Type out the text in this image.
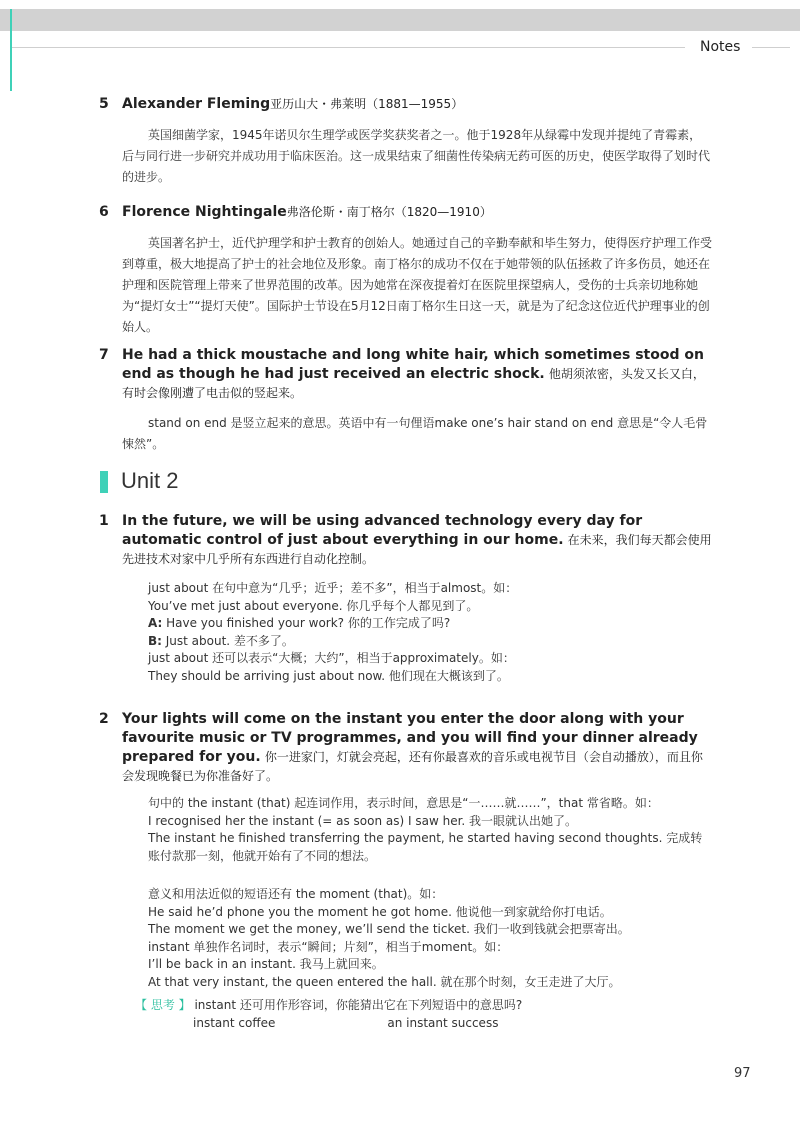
Notes
5 Alexander Fleming亚历山大・弗莱明（1881—1955）
英国细菌学家，1945年诺贝尔生理学或医学奖获奖者之一。他于1928年从绿霉中发现并提纯了青霉素，后与同行进一步研究并成功用于临床医治。这一成果结束了细菌性传染病无药可医的历史，使医学取得了划时代的进步。
6 Florence Nightingale弗洛伦斯・南丁格尔（1820—1910）
英国著名护士，近代护理学和护士教育的创始人。她通过自己的辛勤奉献和毕生努力，使得医疗护理工作受到尊重，极大地提高了护士的社会地位及形象。南丁格尔的成功不仅在于她带领的队伍拯救了许多伤员，她还在护理和医院管理上带来了世界范围的改革。因为她常在深夜提着灯在医院里探望病人，受伤的士兵亲切地称她为“提灯女士”“提灯天使”。国际护士节设在5月12日南丁格尔生日这一天，就是为了纪念这位近代护理事业的创始人。
7 He had a thick moustache and long white hair, which sometimes stood on end as though he had just received an electric shock. 他胡须浓密，头发又长又白，有时会像刚遭了电击似的竖起来。
stand on end 是竖立起来的意思。英语中有一句俚语make one’s hair stand on end 意思是“令人毛骨悚然”。
Unit 2
1 In the future, we will be using advanced technology every day for automatic control of just about everything in our home. 在未来，我们每天都会使用先进技术对家中几乎所有东西进行自动化控制。
just about 在句中意为“几乎；近乎；差不多”，相当于almost。如：
You’ve met just about everyone. 你几乎每个人都见到了。
A: Have you finished your work? 你的工作完成了吗?
B: Just about. 差不多了。
just about 还可以表示“大概；大约”，相当于approximately。如：
They should be arriving just about now. 他们现在大概该到了。
2 Your lights will come on the instant you enter the door along with your favourite music or TV programmes, and you will find your dinner already prepared for you. 你一进家门，灯就会亮起，还有你最喜欢的音乐或电视节目（会自动播放），而且你会发现晚餐已为你准备好了。
句中的 the instant (that) 起连词作用，表示时间，意思是“一……就……”，that 常省略。如：
I recognised her the instant (= as soon as) I saw her. 我一眼就认出她了。
The instant he finished transferring the payment, he started having second thoughts. 完成转账付款那一刻，他就开始有了不同的想法。
意义和用法近似的短语还有 the moment (that)。如：
He said he’d phone you the moment he got home. 他说他一到家就给你打电话。
The moment we get the money, we’ll send the ticket. 我们一收到钱就会把票寄出。
instant 单独作名词时，表示“瞬间；片刻”，相当于moment。如：
I’ll be back in an instant. 我马上就回来。
At that very instant, the queen entered the hall. 就在那个时刻，女王走进了大厅。
【 思考 】 instant 还可用作形容词，你能猜出它在下列短语中的意思吗?
instant coffee	an instant success
97
